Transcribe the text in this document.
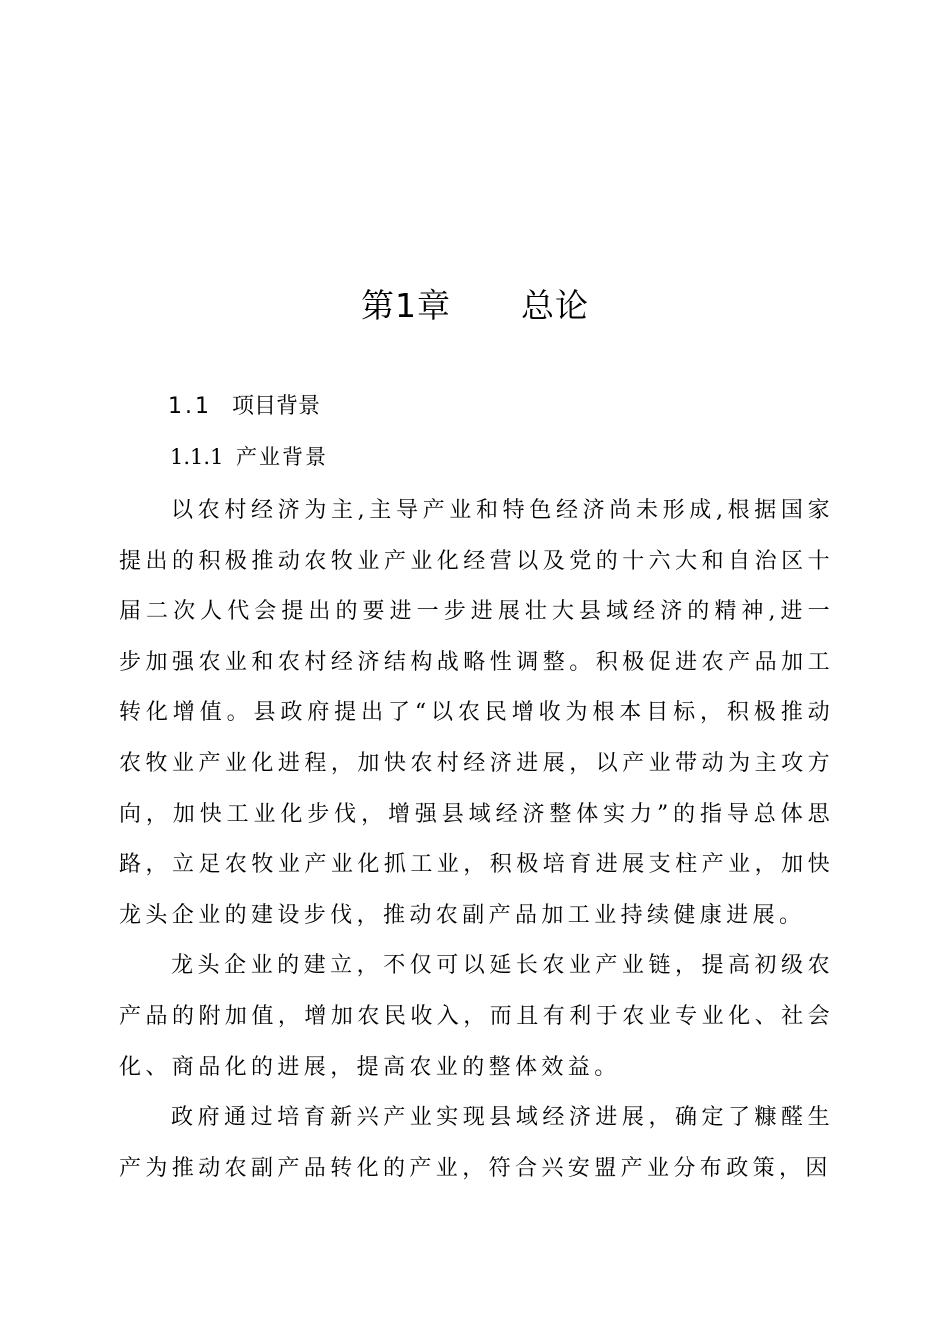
第1章 总论
1.1 项目背景
1.1.1 产业背景

以农村经济为主,主导产业和特色经济尚未形成,根据国家提出的积极推动农牧业产业化经营以及党的十六大和自治区十届二次人代会提出的要进一步进展壮大县域经济的精神,进一步加强农业和农村经济结构战略性调整。积极促进农产品加工转化增值。县政府提出了“以农民增收为根本目标，积极推动农牧业产业化进程，加快农村经济进展，以产业带动为主攻方向，加快工业化步伐，增强县域经济整体实力”的指导总体思路，立足农牧业产业化抓工业，积极培育进展支柱产业，加快龙头企业的建设步伐，推动农副产品加工业持续健康进展。

龙头企业的建立，不仅可以延长农业产业链，提高初级农产品的附加值，增加农民收入，而且有利于农业专业化、社会化、商品化的进展，提高农业的整体效益。

政府通过培育新兴产业实现县域经济进展，确定了糠醛生产为推动农副产品转化的产业，符合兴安盟产业分布政策，因
